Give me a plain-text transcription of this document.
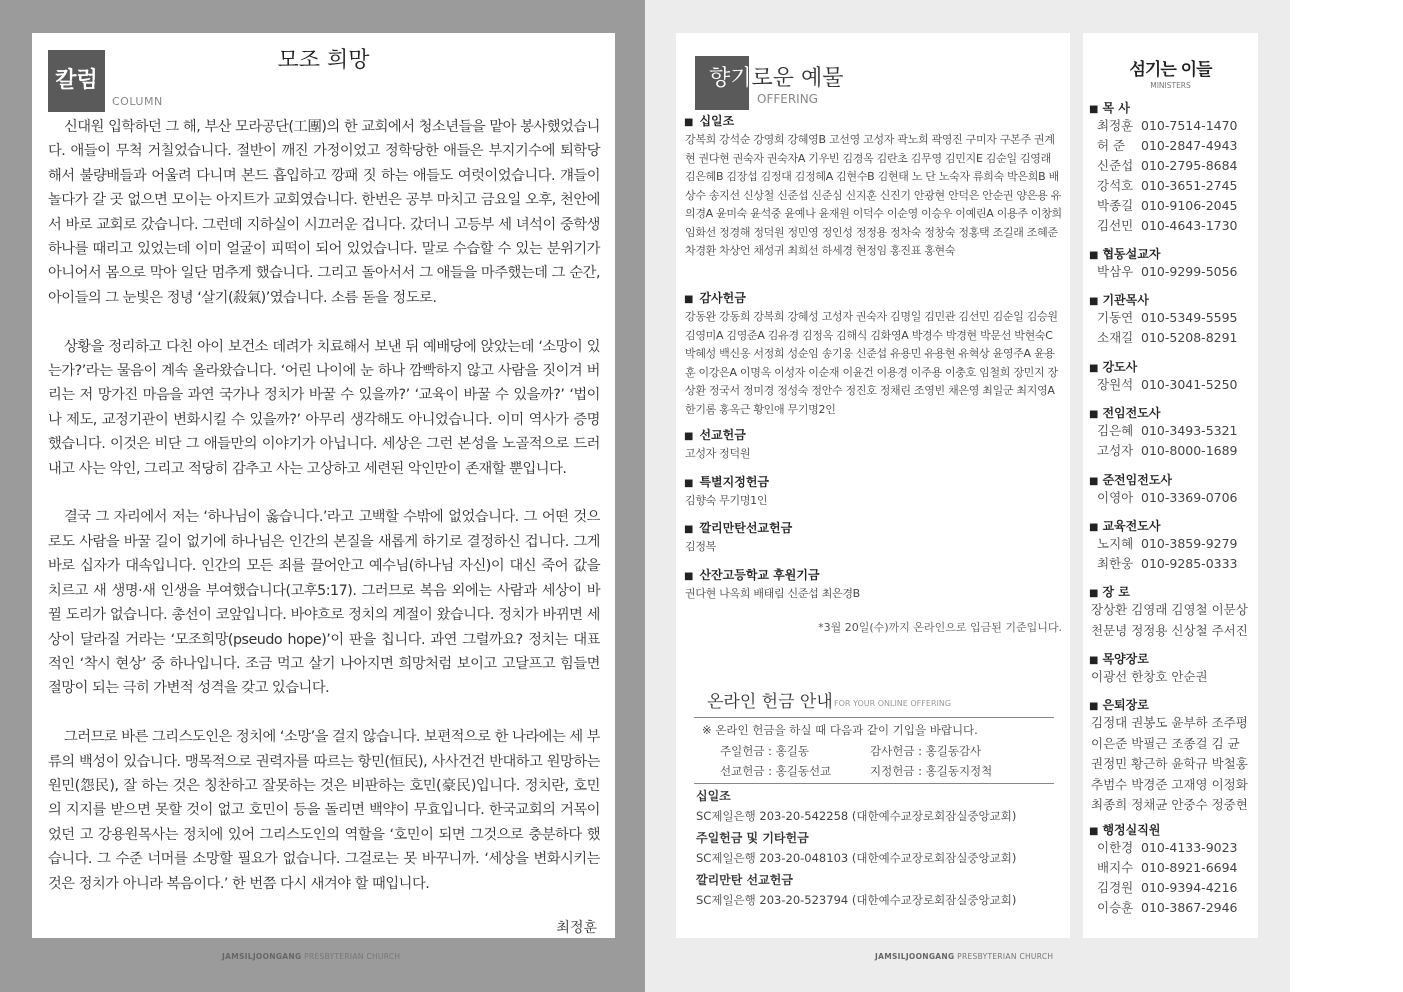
칼럼
COLUMN
모조 희망

신대원 입학하던 그 해, 부산 모라공단(工團)의 한 교회에서 청소년들을 맡아 봉사했었습니다. 애들이 무척 거칠었습니다. 절반이 깨진 가정이었고 정학당한 애들은 부지기수에 퇴학당해서 불량배들과 어울려 다니며 본드 흡입하고 깡패 짓 하는 애들도 여럿이었습니다. 걔들이 놀다가 갈 곳 없으면 모이는 아지트가 교회였습니다. 한번은 공부 마치고 금요일 오후, 천안에서 바로 교회로 갔습니다. 그런데 지하실이 시끄러운 겁니다. 갔더니 고등부 세 녀석이 중학생 하나를 때리고 있었는데 이미 얼굴이 피떡이 되어 있었습니다. 말로 수습할 수 있는 분위기가 아니어서 몸으로 막아 일단 멈추게 했습니다. 그리고 돌아서서 그 애들을 마주했는데 그 순간, 아이들의 그 눈빛은 정녕 ‘살기(殺氣)’였습니다. 소름 돋을 정도로.

상황을 정리하고 다친 아이 보건소 데려가 치료해서 보낸 뒤 예배당에 앉았는데 ‘소망이 있는가?’라는 물음이 계속 올라왔습니다. ‘어린 나이에 눈 하나 깜빡하지 않고 사람을 짓이겨 버리는 저 망가진 마음을 과연 국가나 정치가 바꿀 수 있을까?’ ‘교육이 바꿀 수 있을까?’ ‘법이나 제도, 교정기관이 변화시킬 수 있을까?’ 아무리 생각해도 아니었습니다. 이미 역사가 증명했습니다. 이것은 비단 그 애들만의 이야기가 아닙니다. 세상은 그런 본성을 노골적으로 드러내고 사는 악인, 그리고 적당히 감추고 사는 고상하고 세련된 악인만이 존재할 뿐입니다.

결국 그 자리에서 저는 ‘하나님이 옳습니다.’라고 고백할 수밖에 없었습니다. 그 어떤 것으로도 사람을 바꿀 길이 없기에 하나님은 인간의 본질을 새롭게 하기로 결정하신 겁니다. 그게 바로 십자가 대속입니다. 인간의 모든 죄를 끌어안고 예수님(하나님 자신)이 대신 죽어 값을 치르고 새 생명·새 인생을 부여했습니다(고후5:17). 그러므로 복음 외에는 사람과 세상이 바뀔 도리가 없습니다. 총선이 코앞입니다. 바야흐로 정치의 계절이 왔습니다. 정치가 바뀌면 세상이 달라질 거라는 ‘모조희망(pseudo hope)’이 판을 칩니다. 과연 그럴까요? 정치는 대표적인 ‘착시 현상’ 중 하나입니다. 조금 먹고 살기 나아지면 희망처럼 보이고 고달프고 힘들면 절망이 되는 극히 가변적 성격을 갖고 있습니다.

그러므로 바른 그리스도인은 정치에 ‘소망’을 걸지 않습니다. 보편적으로 한 나라에는 세 부류의 백성이 있습니다. 맹목적으로 권력자를 따르는 항민(恒民), 사사건건 반대하고 원망하는 원민(怨民), 잘 하는 것은 칭찬하고 잘못하는 것은 비판하는 호민(豪民)입니다. 정치란, 호민의 지지를 받으면 못할 것이 없고 호민이 등을 돌리면 백약이 무효입니다. 한국교회의 거목이었던 고 강용원목사는 정치에 있어 그리스도인의 역할을 ‘호민이 되면 그것으로 충분하다 했습니다. 그 수준 너머를 소망할 필요가 없습니다. 그걸로는 못 바꾸니까. ‘세상을 변화시키는 것은 정치가 아니라 복음이다.’ 한 번쯤 다시 새겨야 할 때입니다.

최정훈
JAMSILJOONGANG PRESBYTERIAN CHURCH
향기로운 예물
OFFERING
■ 십일조
강복희 강석순 강영희 강혜영B 고선영 고성자 곽노희 곽영진 구미자 구본주 권계현 권다현 권숙자 권숙자A 기우빈 김경옥 김란초 김무영 김민지E 김순일 김영래 김은혜B 김장섭 김정대 김정혜A 김현수B 김현태 노 단 노숙자 류희숙 박은희B 배상수 송지선 신상철 신준섭 신준심 신지훈 신진기 안광현 안덕은 안순권 양은용 유의경A 윤미숙 윤석중 윤예나 윤재원 이덕수 이순영 이승우 이예린A 이용주 이창희 임화선 정경해 정덕원 정민영 정인성 정정용 정차숙 정창숙 정홍택 조길래 조혜준 차경환 차상언 채성귀 최희선 하세경 현정임 홍진표 홍현숙
■ 감사헌금
강동완 강동희 강복희 강혜성 고성자 권숙자 김명일 김민관 김선민 김순일 김승원 김영미A 김영준A 김유경 김정옥 김해식 김화영A 박경수 박경현 박문선 박현숙C 박혜성 백신옹 서정희 성순임 송기웅 신준섭 유용민 유용현 유혁상 윤영주A 윤용훈 이강은A 이명옥 이성자 이순재 이윤건 이용경 이주용 이충호 임철희 장민지 장상환 정국서 정미경 정성숙 정안수 정진호 정채린 조영빈 채은영 최일군 최지영A 한기롬 홍옥근 황인애 무기명2인
■ 선교헌금
고성자 정덕원
■ 특별지정헌금
김향숙 무기명1인
■ 깔리만탄선교헌금
김정복
■ 산잔고등학교 후원기금
권다현 나옥희 배태림 신준섭 최은경B
*3월 20일(수)까지 온라인으로 입금된 기준입니다.
온라인 헌금 안내 FOR YOUR ONLINE OFFERING
※ 온라인 헌금을 하실 때 다음과 같이 기입을 바랍니다.
주일헌금 : 홍길동	감사헌금 : 홍길동감사
선교헌금 : 홍길동선교	지정헌금 : 홍길동지정척
십일조
SC제일은행 203-20-542258 (대한예수교장로회잠실중앙교회)
주일헌금 및 기타헌금
SC제일은행 203-20-048103 (대한예수교장로회잠실중앙교회)
깔리만탄 선교헌금
SC제일은행 203-20-523794 (대한예수교장로회잠실중앙교회)
섬기는 이들
MINISTERS
■ 목 사
최정훈 010-7514-1470
허 준 010-2847-4943
신준섭 010-2795-8684
강석호 010-3651-2745
박종길 010-9106-2045
김선민 010-4643-1730
■ 협동설교자
박삼우 010-9299-5056
■ 기관목사
기동연 010-5349-5595
소재길 010-5208-8291
■ 강도사
장원석 010-3041-5250
■ 전임전도사
김은혜 010-3493-5321
고성자 010-8000-1689
■ 준전임전도사
이영아 010-3369-0706
■ 교육전도사
노지혜 010-3859-9279
최한웅 010-9285-0333
■ 장 로
장상환 김영래 김영철 이문상
천문녕 정정용 신상철 주서진
■ 목양장로
이광선 한창호 안순권
■ 은퇴장로
김정대 권봉도 윤부하 조주평
이은준 박필근 조종걸 김 균
권정민 황근하 윤학규 박철홍
추범수 박경준 고재영 이정화
최종희 정채균 안중수 정중현
■ 행정실직원
이한경 010-4133-9023
배지수 010-8921-6694
김경원 010-9394-4216
이승훈 010-3867-2946
JAMSILJOONGANG PRESBYTERIAN CHURCH
